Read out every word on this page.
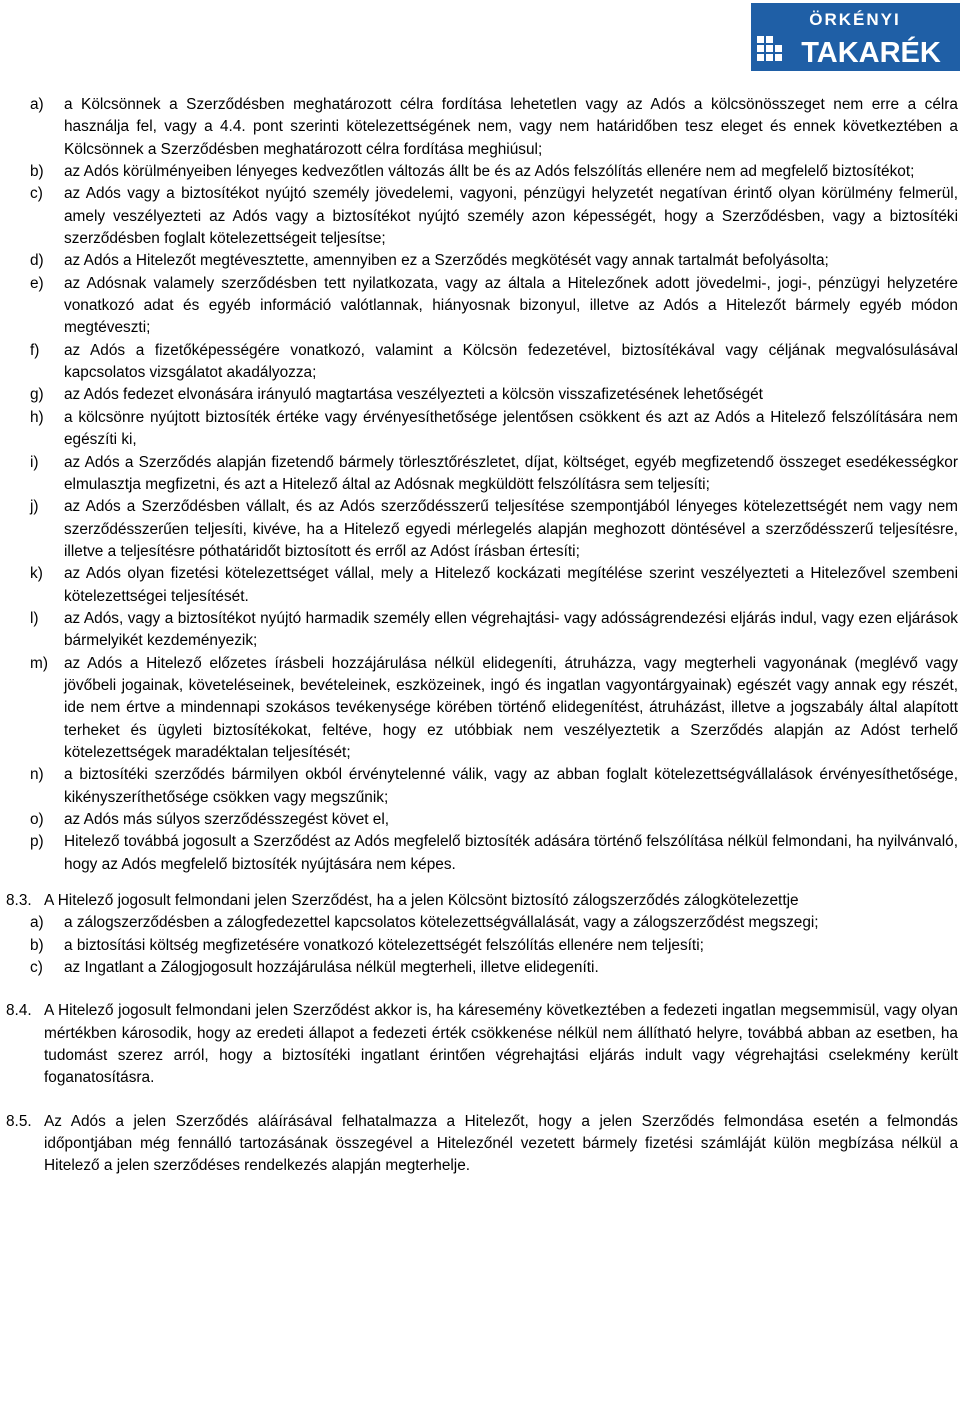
ÖRKÉNYI
TAKARÉK
a)	a Kölcsönnek a Szerződésben meghatározott célra fordítása lehetetlen vagy az Adós a kölcsönösszeget nem erre a célra használja fel, vagy a 4.4. pont szerinti kötelezettségének nem, vagy nem határidőben tesz eleget és ennek következtében a Kölcsönnek a Szerződésben meghatározott célra fordítása meghiúsul;
b)	az Adós körülményeiben lényeges kedvezőtlen változás állt be és az Adós felszólítás ellenére nem ad megfelelő biztosítékot;
c)	az Adós vagy a biztosítékot nyújtó személy jövedelemi, vagyoni, pénzügyi helyzetét negatívan érintő olyan körülmény felmerül, amely veszélyezteti az Adós vagy a biztosítékot nyújtó személy azon képességét, hogy a Szerződésben, vagy a biztosítéki szerződésben foglalt kötelezettségeit teljesítse;
d)	az Adós a Hitelezőt megtévesztette, amennyiben ez a Szerződés megkötését vagy annak tartalmát befolyásolta;
e)	az Adósnak valamely szerződésben tett nyilatkozata, vagy az általa a Hitelezőnek adott jövedelmi-, jogi-, pénzügyi helyzetére vonatkozó adat és egyéb információ valótlannak, hiányosnak bizonyul, illetve az Adós a Hitelezőt bármely egyéb módon megtéveszti;
f)	az Adós a fizetőképességére vonatkozó, valamint a Kölcsön fedezetével, biztosítékával vagy céljának megvalósulásával kapcsolatos vizsgálatot akadályozza;
g)	az Adós fedezet elvonására irányuló magtartása veszélyezteti a kölcsön visszafizetésének lehetőségét
h)	a kölcsönre nyújtott biztosíték értéke vagy érvényesíthetősége jelentősen csökkent és azt az Adós a Hitelező felszólítására nem egészíti ki,
i)	az Adós a Szerződés alapján fizetendő bármely törlesztőrészletet, díjat, költséget, egyéb megfizetendő összeget esedékességkor elmulasztja megfizetni, és azt a Hitelező által az Adósnak megküldött felszólításra sem teljesíti;
j)	az Adós a Szerződésben vállalt, és az Adós szerződésszerű teljesítése szempontjából lényeges kötelezettségét nem vagy nem szerződésszerűen teljesíti, kivéve, ha a Hitelező egyedi mérlegelés alapján meghozott döntésével a szerződésszerű teljesítésre, illetve a teljesítésre póthatáridőt biztosított és erről az Adóst írásban értesíti;
k)	az Adós olyan fizetési kötelezettséget vállal, mely a Hitelező kockázati megítélése szerint veszélyezteti a Hitelezővel szembeni kötelezettségei teljesítését.
l)	az Adós, vagy a biztosítékot nyújtó harmadik személy ellen végrehajtási- vagy adósságrendezési eljárás indul, vagy ezen eljárások bármelyikét kezdeményezik;
m)	az Adós a Hitelező előzetes írásbeli hozzájárulása nélkül elidegeníti, átruházza, vagy megterheli vagyonának (meglévő vagy jövőbeli jogainak, követeléseinek, bevételeinek, eszközeinek, ingó és ingatlan vagyontárgyainak) egészét vagy annak egy részét, ide nem értve a mindennapi szokásos tevékenysége körében történő elidegenítést, átruházást, illetve a jogszabály által alapított terheket és ügyleti biztosítékokat, feltéve, hogy ez utóbbiak nem veszélyeztetik a Szerződés alapján az Adóst terhelő kötelezettségek maradéktalan teljesítését;
n)	a biztosítéki szerződés bármilyen okból érvénytelenné válik, vagy az abban foglalt kötelezettségvállalások érvényesíthetősége, kikényszeríthetősége csökken vagy megszűnik;
o)	az Adós más súlyos szerződésszegést követ el,
p)	Hitelező továbbá jogosult a Szerződést az Adós megfelelő biztosíték adására történő felszólítása nélkül felmondani, ha nyilvánvaló, hogy az Adós megfelelő biztosíték nyújtására nem képes.
8.3. A Hitelező jogosult felmondani jelen Szerződést, ha a jelen Kölcsönt biztosító zálogszerződés zálogkötelezettje
a)	a zálogszerződésben a zálogfedezettel kapcsolatos kötelezettségvállalását, vagy a zálogszerződést megszegi;
b)	a biztosítási költség megfizetésére vonatkozó kötelezettségét felszólítás ellenére nem teljesíti;
c)	az Ingatlant a Zálogjogosult hozzájárulása nélkül megterheli, illetve elidegeníti.
8.4. A Hitelező jogosult felmondani jelen Szerződést akkor is, ha káresemény következtében a fedezeti ingatlan megsemmisül, vagy olyan mértékben károsodik, hogy az eredeti állapot a fedezeti érték csökkenése nélkül nem állítható helyre, továbbá abban az esetben, ha tudomást szerez arról, hogy a biztosítéki ingatlant érintően végrehajtási eljárás indult vagy végrehajtási cselekmény került foganatosításra.
8.5. Az Adós a jelen Szerződés aláírásával felhatalmazza a Hitelezőt, hogy a jelen Szerződés felmondása esetén a felmondás időpontjában még fennálló tartozásának összegével a Hitelezőnél vezetett bármely fizetési számláját külön megbízása nélkül a Hitelező a jelen szerződéses rendelkezés alapján megterhelje.
